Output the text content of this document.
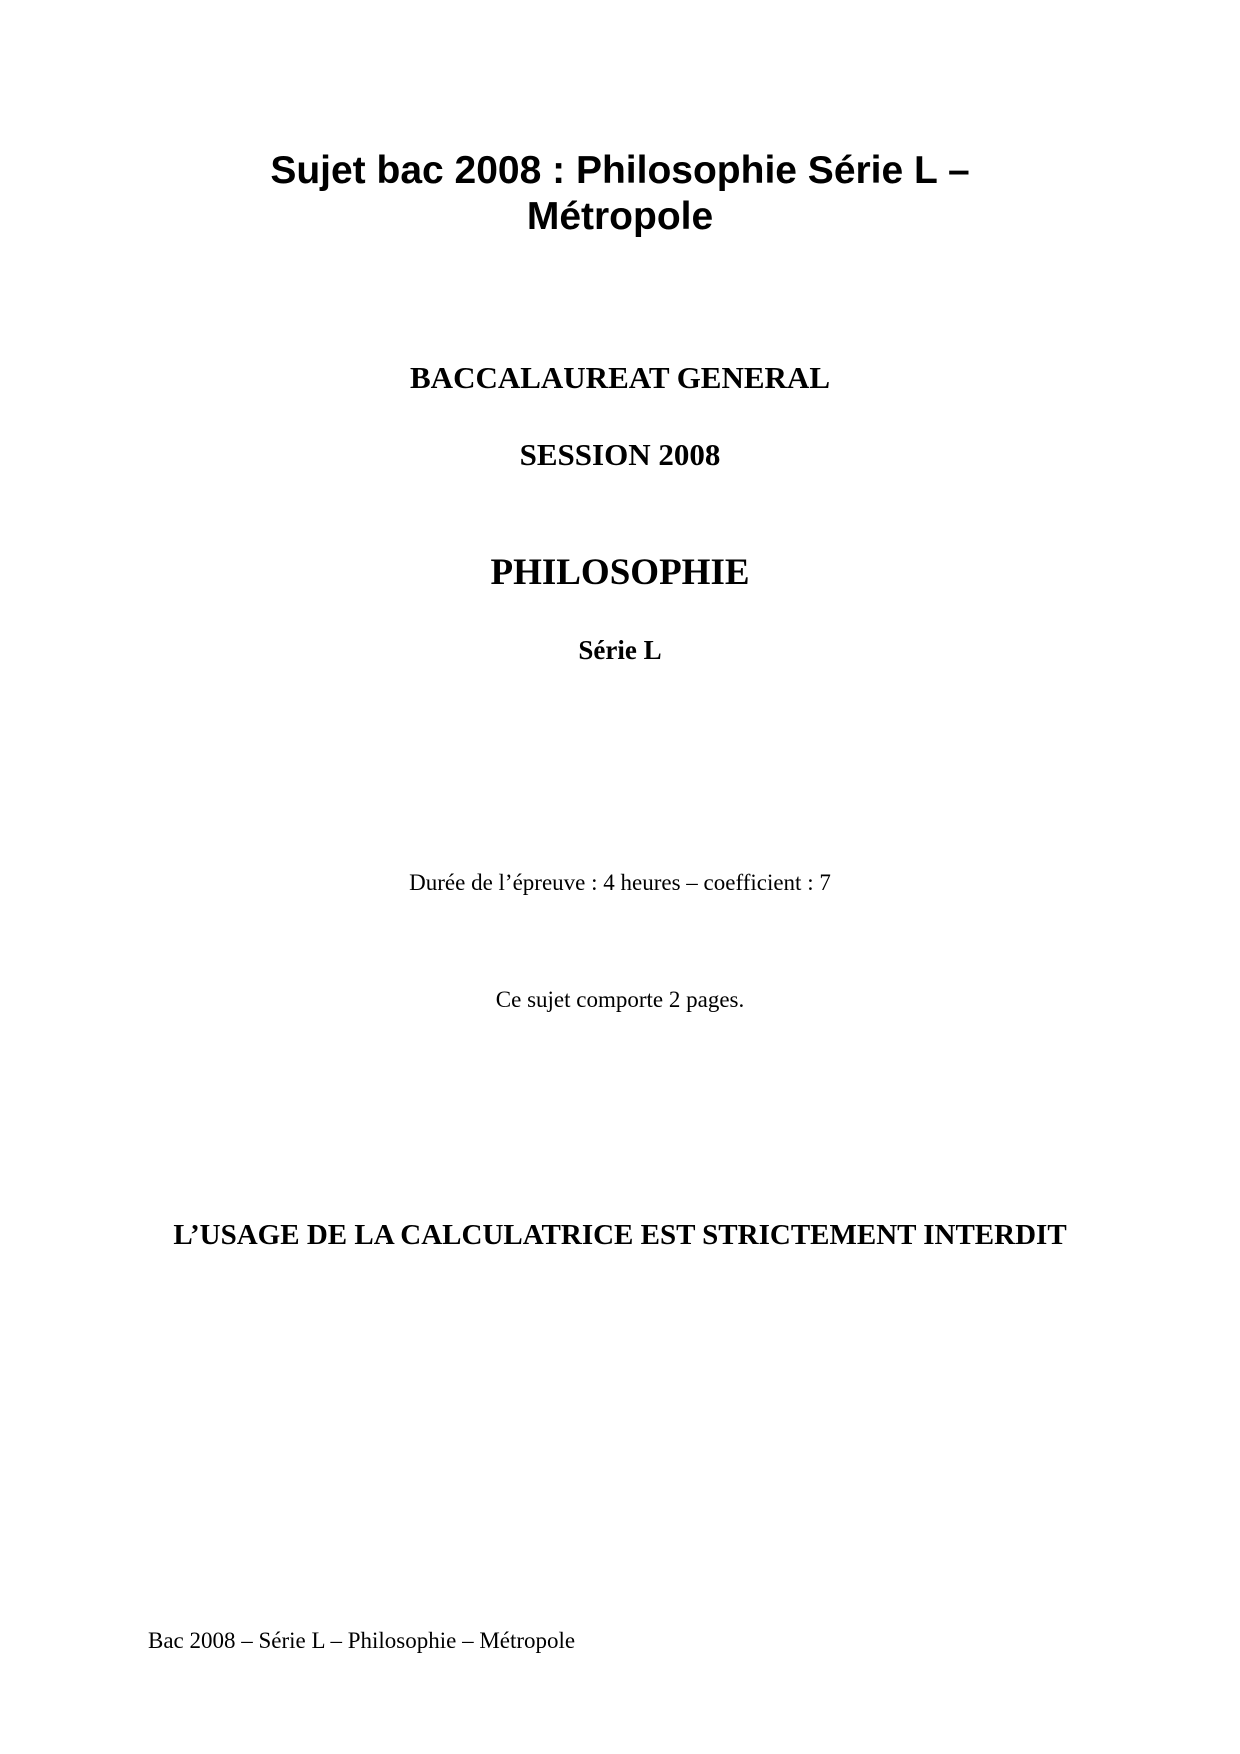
Sujet bac 2008 : Philosophie Série L –
Métropole

BACCALAUREAT GENERAL

SESSION 2008

PHILOSOPHIE

Série L

Durée de l’épreuve : 4 heures – coefficient : 7

Ce sujet comporte 2 pages.

L’USAGE DE LA CALCULATRICE EST STRICTEMENT INTERDIT

Bac 2008 – Série L – Philosophie – Métropole
